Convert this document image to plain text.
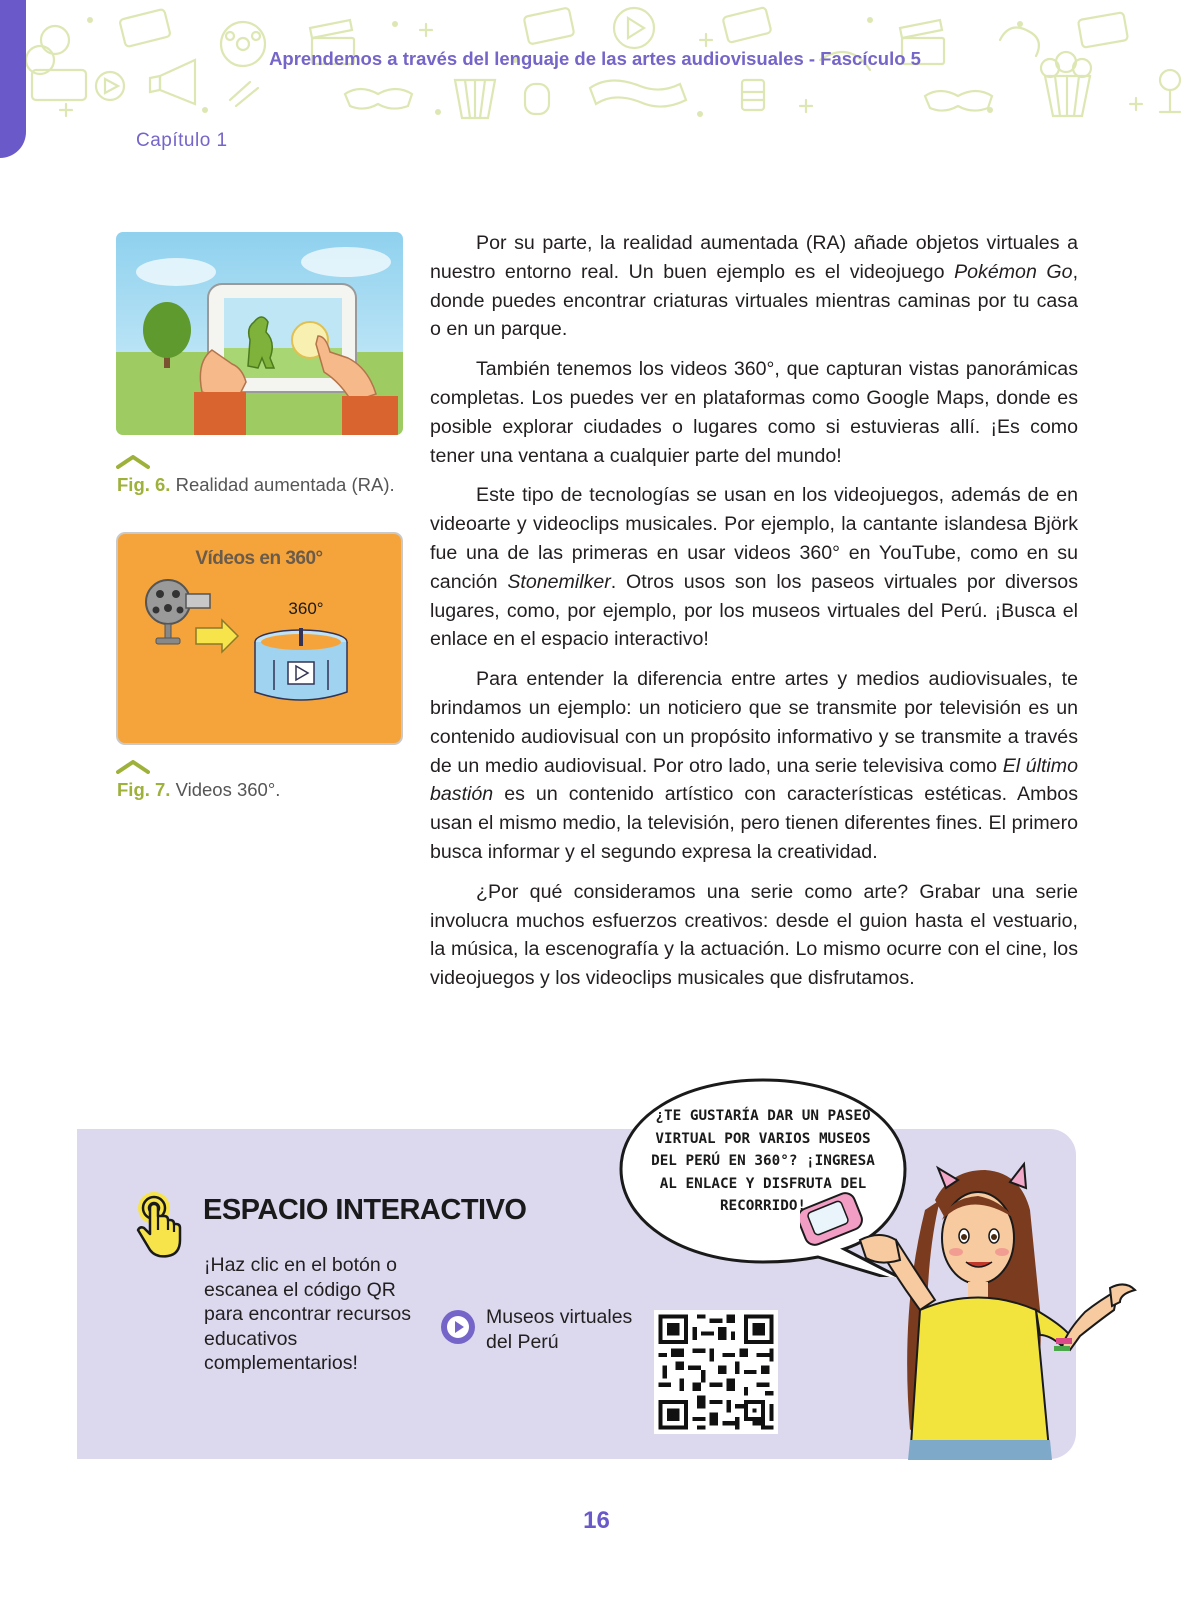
Aprendemos a través del lenguaje de las artes audiovisuales - Fascículo 5
Capítulo 1
Fig. 6. Realidad aumentada (RA).
Vídeos en 360°
360°
Fig. 7. Videos 360°.

Por su parte, la realidad aumentada (RA) añade objetos virtuales a nuestro entorno real. Un buen ejemplo es el videojuego Pokémon Go, donde puedes encontrar criaturas virtuales mientras caminas por tu casa o en un parque.

También tenemos los videos 360°, que capturan vistas panorámicas completas. Los puedes ver en plataformas como Google Maps, donde es posible explorar ciudades o lugares como si estuvieras allí. ¡Es como tener una ventana a cualquier parte del mundo!

Este tipo de tecnologías se usan en los videojuegos, además de en videoarte y videoclips musicales. Por ejemplo, la cantante islandesa Björk fue una de las primeras en usar videos 360° en YouTube, como en su canción Stonemilker. Otros usos son los paseos virtuales por diversos lugares, como, por ejemplo, por los museos virtuales del Perú. ¡Busca el enlace en el espacio interactivo!

Para entender la diferencia entre artes y medios audiovisuales, te brindamos un ejemplo: un noticiero que se transmite por televisión es un contenido audiovisual con un propósito informativo y se transmite a través de un medio audiovisual. Por otro lado, una serie televisiva como El último bastión es un contenido artístico con características estéticas. Ambos usan el mismo medio, la televisión, pero tienen diferentes fines. El primero busca informar y el segundo expresa la creatividad.

¿Por qué consideramos una serie como arte? Grabar una serie involucra muchos esfuerzos creativos: desde el guion hasta el vestuario, la música, la escenografía y la actuación. Lo mismo ocurre con el cine, los videojuegos y los videoclips musicales que disfrutamos.

ESPACIO INTERACTIVO
¡Haz clic en el botón o escanea el código QR para encontrar recursos educativos complementarios!
Museos virtuales del Perú
¿TE GUSTARÍA DAR UN PASEO VIRTUAL POR VARIOS MUSEOS DEL PERÚ EN 360°? ¡INGRESA AL ENLACE Y DISFRUTA DEL RECORRIDO!
16
